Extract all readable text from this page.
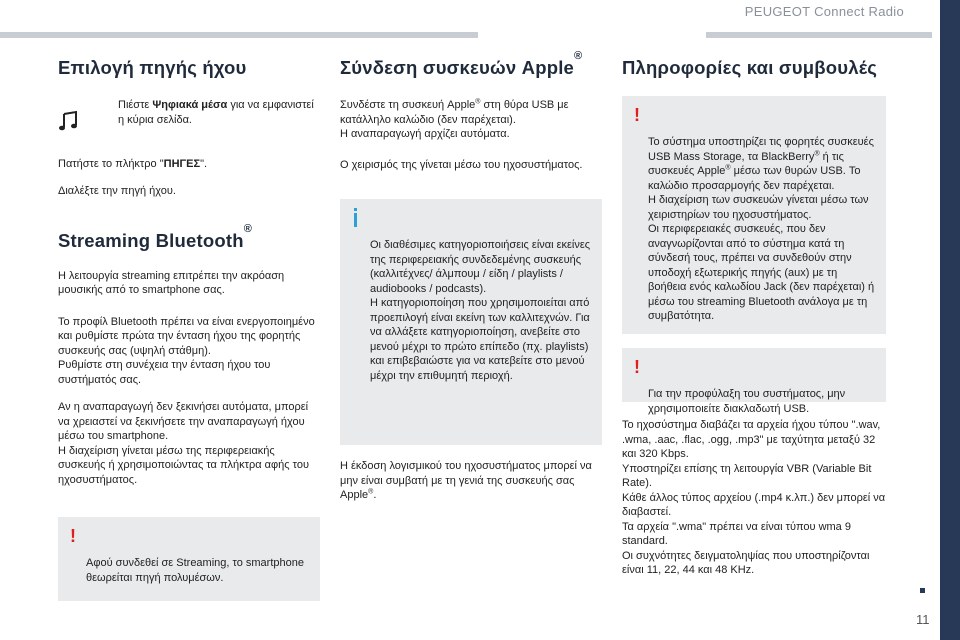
PEUGEOT Connect Radio
11
Επιλογή πηγής ήχου
Πιέστε Ψηφιακά μέσα για να εμφανιστεί η κύρια σελίδα.

Πατήστε το πλήκτρο "ΠΗΓΕΣ".

Διαλέξτε την πηγή ήχου.

Streaming Bluetooth®

Η λειτουργία streaming επιτρέπει την ακρόαση μουσικής από το smartphone σας.

Το προφίλ Bluetooth πρέπει να είναι ενεργοποιημένο και ρυθμίστε πρώτα την ένταση ήχου της φορητής συσκευής σας (υψηλή στάθμη).
Ρυθμίστε στη συνέχεια την ένταση ήχου του συστήματός σας.

Αν η αναπαραγωγή δεν ξεκινήσει αυτόματα, μπορεί να χρειαστεί να ξεκινήσετε την αναπαραγωγή ήχου μέσω του smartphone.
Η διαχείριση γίνεται μέσω της περιφερειακής συσκευής ή χρησιμοποιώντας τα πλήκτρα αφής του ηχοσυστήματος.

!

Αφού συνδεθεί σε Streaming, το smartphone θεωρείται πηγή πολυμέσων.

Σύνδεση συσκευών Apple®

Συνδέστε τη συσκευή Apple® στη θύρα USB με κατάλληλο καλώδιο (δεν παρέχεται).
Η αναπαραγωγή αρχίζει αυτόματα.

Ο χειρισμός της γίνεται μέσω του ηχοσυστήματος.

Οι διαθέσιμες κατηγοριοποιήσεις είναι εκείνες της περιφερειακής συνδεδεμένης συσκευής (καλλιτέχνες/ άλμπουμ / είδη / playlists / audiobooks / podcasts).
Η κατηγοριοποίηση που χρησιμοποιείται από προεπιλογή είναι εκείνη των καλλιτεχνών. Για να αλλάξετε κατηγοριοποίηση, ανεβείτε στο μενού μέχρι το πρώτο επίπεδο (πχ. playlists) και επιβεβαιώστε για να κατεβείτε στο μενού μέχρι την επιθυμητή περιοχή.

Η έκδοση λογισμικού του ηχοσυστήματος μπορεί να μην είναι συμβατή με τη γενιά της συσκευής σας Apple®.

Πληροφορίες και συμβουλές

!

Το σύστημα υποστηρίζει τις φορητές συσκευές USB Mass Storage, τα BlackBerry® ή τις συσκευές Apple® μέσω των θυρών USB. Το καλώδιο προσαρμογής δεν παρέχεται.
Η διαχείριση των συσκευών γίνεται μέσω των χειριστηρίων του ηχοσυστήματος.
Οι περιφερειακές συσκευές, που δεν αναγνωρίζονται από το σύστημα κατά τη σύνδεσή τους, πρέπει να συνδεθούν στην υποδοχή εξωτερικής πηγής (aux) με τη βοήθεια ενός καλωδίου Jack (δεν παρέχεται) ή μέσω του streaming Bluetooth ανάλογα με τη συμβατότητα.

!

Για την προφύλαξη του συστήματος, μην χρησιμοποιείτε διακλαδωτή USB.

Το ηχοσύστημα διαβάζει τα αρχεία ήχου τύπου ".wav, .wma, .aac, .flac, .ogg, .mp3" με ταχύτητα μεταξύ 32 και 320 Kbps.
Υποστηρίζει επίσης τη λειτουργία VBR (Variable Bit Rate).
Κάθε άλλος τύπος αρχείου (.mp4 κ.λπ.) δεν μπορεί να διαβαστεί.
Τα αρχεία ".wma" πρέπει να είναι τύπου wma 9 standard.
Οι συχνότητες δειγματοληψίας που υποστηρίζονται είναι 11, 22, 44 και 48 KHz.
